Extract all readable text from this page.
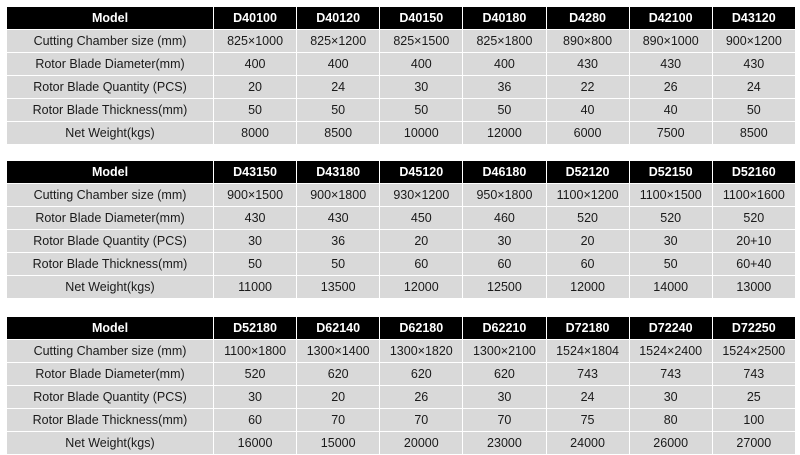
Model	D40100	D40120	D40150	D40180	D4280	D42100	D43120
Cutting Chamber size (mm)	825×1000	825×1200	825×1500	825×1800	890×800	890×1000	900×1200
Rotor Blade Diameter(mm)	400	400	400	400	430	430	430
Rotor Blade Quantity (PCS)	20	24	30	36	22	26	24
Rotor Blade Thickness(mm)	50	50	50	50	40	40	50
Net Weight(kgs)	8000	8500	10000	12000	6000	7500	8500
Model	D43150	D43180	D45120	D46180	D52120	D52150	D52160
Cutting Chamber size (mm)	900×1500	900×1800	930×1200	950×1800	1100×1200	1100×1500	1100×1600
Rotor Blade Diameter(mm)	430	430	450	460	520	520	520
Rotor Blade Quantity (PCS)	30	36	20	30	20	30	20+10
Rotor Blade Thickness(mm)	50	50	60	60	60	50	60+40
Net Weight(kgs)	11000	13500	12000	12500	12000	14000	13000
Model	D52180	D62140	D62180	D62210	D72180	D72240	D72250
Cutting Chamber size (mm)	1100×1800	1300×1400	1300×1820	1300×2100	1524×1804	1524×2400	1524×2500
Rotor Blade Diameter(mm)	520	620	620	620	743	743	743
Rotor Blade Quantity (PCS)	30	20	26	30	24	30	25
Rotor Blade Thickness(mm)	60	70	70	70	75	80	100
Net Weight(kgs)	16000	15000	20000	23000	24000	26000	27000
